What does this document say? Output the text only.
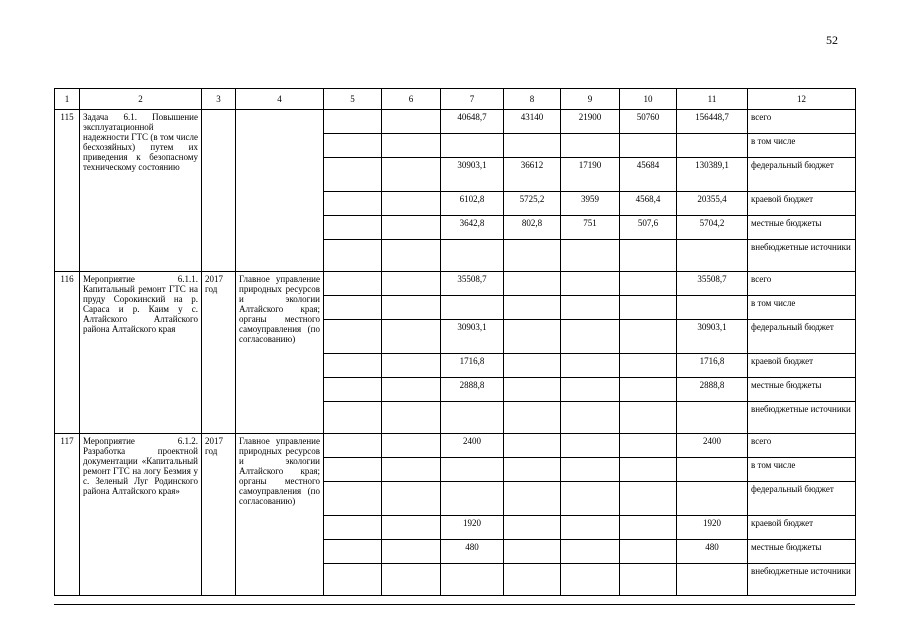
52
1	2	3	4	5	6	7	8	9	10	11	12
115	Задача 6.1. Повышение эксплуатационной надежности ГТС (в том числе бесхозяйных) путем их приведения к безопасному техническому состоянию					40648,7	43140	21900	50760	156448,7	всего
											в том числе
						30903,1	36612	17190	45684	130389,1	федеральный бюджет
						6102,8	5725,2	3959	4568,4	20355,4	краевой бюджет
						3642,8	802,8	751	507,6	5704,2	местные бюджеты
											внебюджетные источники
116	Мероприятие 6.1.1. Капитальный ремонт ГТС на пруду Сорокинский на р. Сараса и р. Каим у с. Алтайского Алтайского района Алтайского края	2017 год	Главное управление природных ресурсов и экологии Алтайского края; органы местного самоуправления (по согласованию)			35508,7				35508,7	всего
											в том числе
						30903,1				30903,1	федеральный бюджет
						1716,8				1716,8	краевой бюджет
						2888,8				2888,8	местные бюджеты
											внебюджетные источники
117	Мероприятие 6.1.2. Разработка проектной документации «Капитальный ремонт ГТС на логу Безмия у с. Зеленый Луг Родинского района Алтайского края»	2017 год	Главное управление природных ресурсов и экологии Алтайского края; органы местного самоуправления (по согласованию)			2400				2400	всего
											в том числе
											федеральный бюджет
						1920				1920	краевой бюджет
						480				480	местные бюджеты
											внебюджетные источники
